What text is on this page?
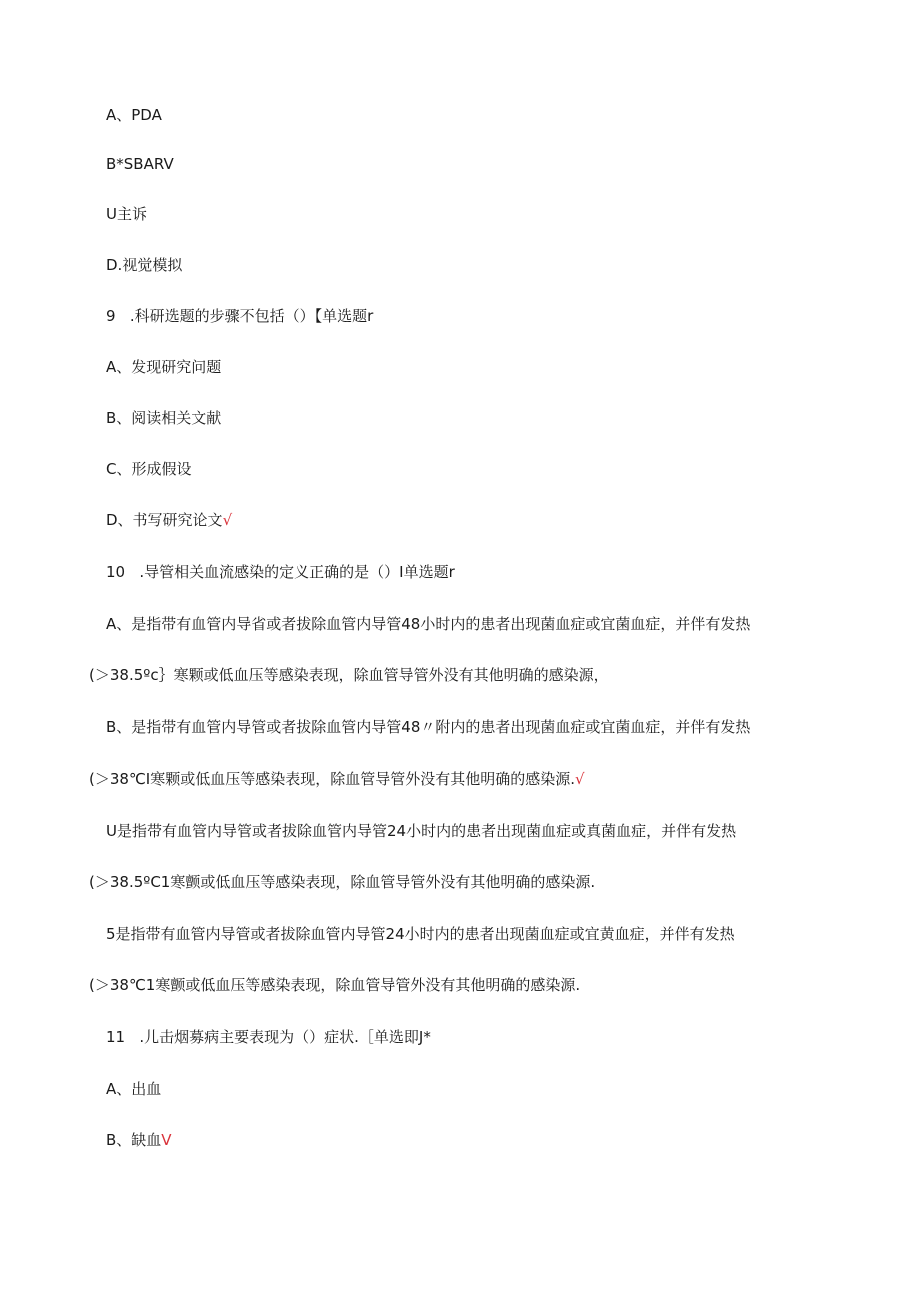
A、PDA
B*SBARV
U主诉
D.视觉模拟
9   .科研选题的步骤不包括（）【单选题r
A、发现研究问题
B、阅读相关文献
C、形成假设
D、书写研究论文√
10   .导管相关血流感染的定义正确的是（）I单选题r
A、是指带有血管内导省或者拔除血管内导管48小时内的患者出现菌血症或宜菌血症，并伴有发热
(＞38.5ºc｝寒颗或低血压等感染表现，除血管导管外没有其他明确的感染源，
B、是指带有血管内导管或者拔除血管内导管48〃附内的患者出现菌血症或宜菌血症，并伴有发热
(＞38℃I寒颗或低血压等感染表现，除血管导管外没有其他明确的感染源.√
U是指带有血管内导管或者拔除血管内导管24小时内的患者出现菌血症或真菌血症，并伴有发热
(＞38.5ºC1寒颤或低血压等感染表现，除血管导管外没有其他明确的感染源.
5是指带有血管内导管或者拔除血管内导管24小时内的患者出现菌血症或宜黄血症，并伴有发热
(＞38℃1寒颤或低血压等感染表现，除血管导管外没有其他明确的感染源.
11   .儿击烟募病主要表现为（）症状.［单选即J*
A、出血
B、缺血V
